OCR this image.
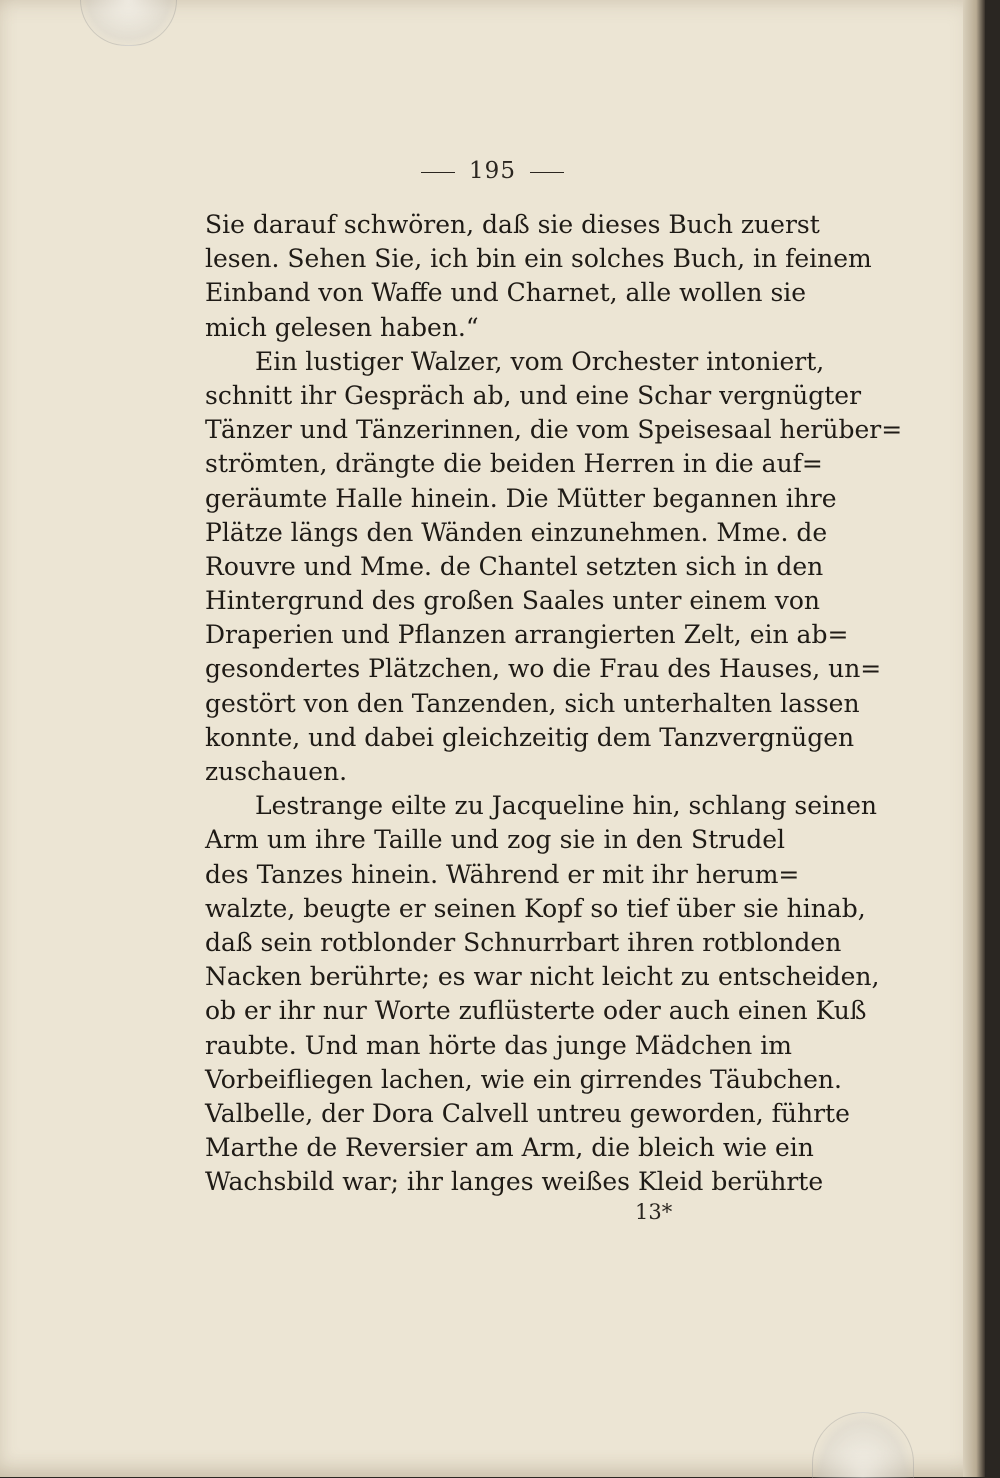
195
Sie darauf schwören, daß sie dieses Buch zuerst
lesen. Sehen Sie, ich bin ein solches Buch, in feinem
Einband von Waffe und Charnet, alle wollen sie
mich gelesen haben.“
Ein lustiger Walzer, vom Orchester intoniert,
schnitt ihr Gespräch ab, und eine Schar vergnügter
Tänzer und Tänzerinnen, die vom Speisesaal herüber=
strömten, drängte die beiden Herren in die auf=
geräumte Halle hinein. Die Mütter begannen ihre
Plätze längs den Wänden einzunehmen. Mme. de
Rouvre und Mme. de Chantel setzten sich in den
Hintergrund des großen Saales unter einem von
Draperien und Pflanzen arrangierten Zelt, ein ab=
gesondertes Plätzchen, wo die Frau des Hauses, un=
gestört von den Tanzenden, sich unterhalten lassen
konnte, und dabei gleichzeitig dem Tanzvergnügen
zuschauen.
Lestrange eilte zu Jacqueline hin, schlang seinen
Arm um ihre Taille und zog sie in den Strudel
des Tanzes hinein. Während er mit ihr herum=
walzte, beugte er seinen Kopf so tief über sie hinab,
daß sein rotblonder Schnurrbart ihren rotblonden
Nacken berührte; es war nicht leicht zu entscheiden,
ob er ihr nur Worte zuflüsterte oder auch einen Kuß
raubte. Und man hörte das junge Mädchen im
Vorbeifliegen lachen, wie ein girrendes Täubchen.
Valbelle, der Dora Calvell untreu geworden, führte
Marthe de Reversier am Arm, die bleich wie ein
Wachsbild war; ihr langes weißes Kleid berührte
13*
